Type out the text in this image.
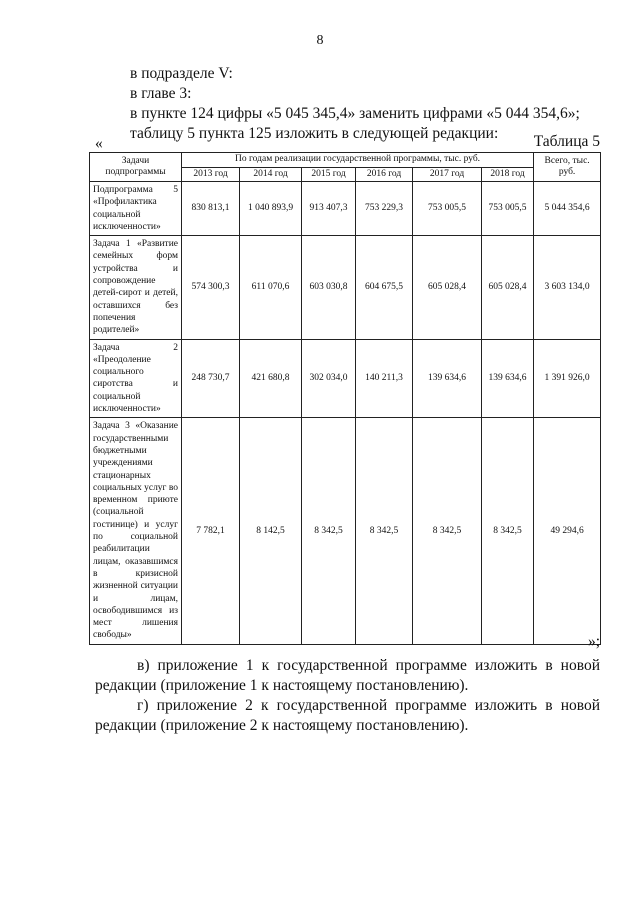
8
в подразделе V:
в главе 3:
в пункте 124 цифры «5 045 345,4» заменить цифрами «5 044 354,6»;
таблицу 5 пункта 125 изложить в следующей редакции:
«	Таблица 5
Задачи подпрограммы	По годам реализации государственной программы, тыс. руб.						Всего, тыс. руб.
	2013 год	2014 год	2015 год	2016 год	2017 год	2018 год	
Подпрограмма 5 «Профилактика социальной исключенности»	830 813,1	1 040 893,9	913 407,3	753 229,3	753 005,5	753 005,5	5 044 354,6
Задача 1 «Развитие семейных форм устройства и сопровождение детей-сирот и детей, оставшихся без попечения родителей»	574 300,3	611 070,6	603 030,8	604 675,5	605 028,4	605 028,4	3 603 134,0
Задача 2 «Преодоление социального сиротства и социальной исключенности»	248 730,7	421 680,8	302 034,0	140 211,3	139 634,6	139 634,6	1 391 926,0
Задача 3 «Оказание государственными бюджетными учреждениями стационарных социальных услуг во временном приюте (социальной гостинице) и услуг по социальной реабилитации лицам, оказавшимся в кризисной жизненной ситуации и лицам, освободившимся из мест лишения свободы»	7 782,1	8 142,5	8 342,5	8 342,5	8 342,5	8 342,5	49 294,6
»;

в) приложение 1 к государственной программе изложить в новой редакции (приложение 1 к настоящему постановлению).

г) приложение 2 к государственной программе изложить в новой редакции (приложение 2 к настоящему постановлению).
